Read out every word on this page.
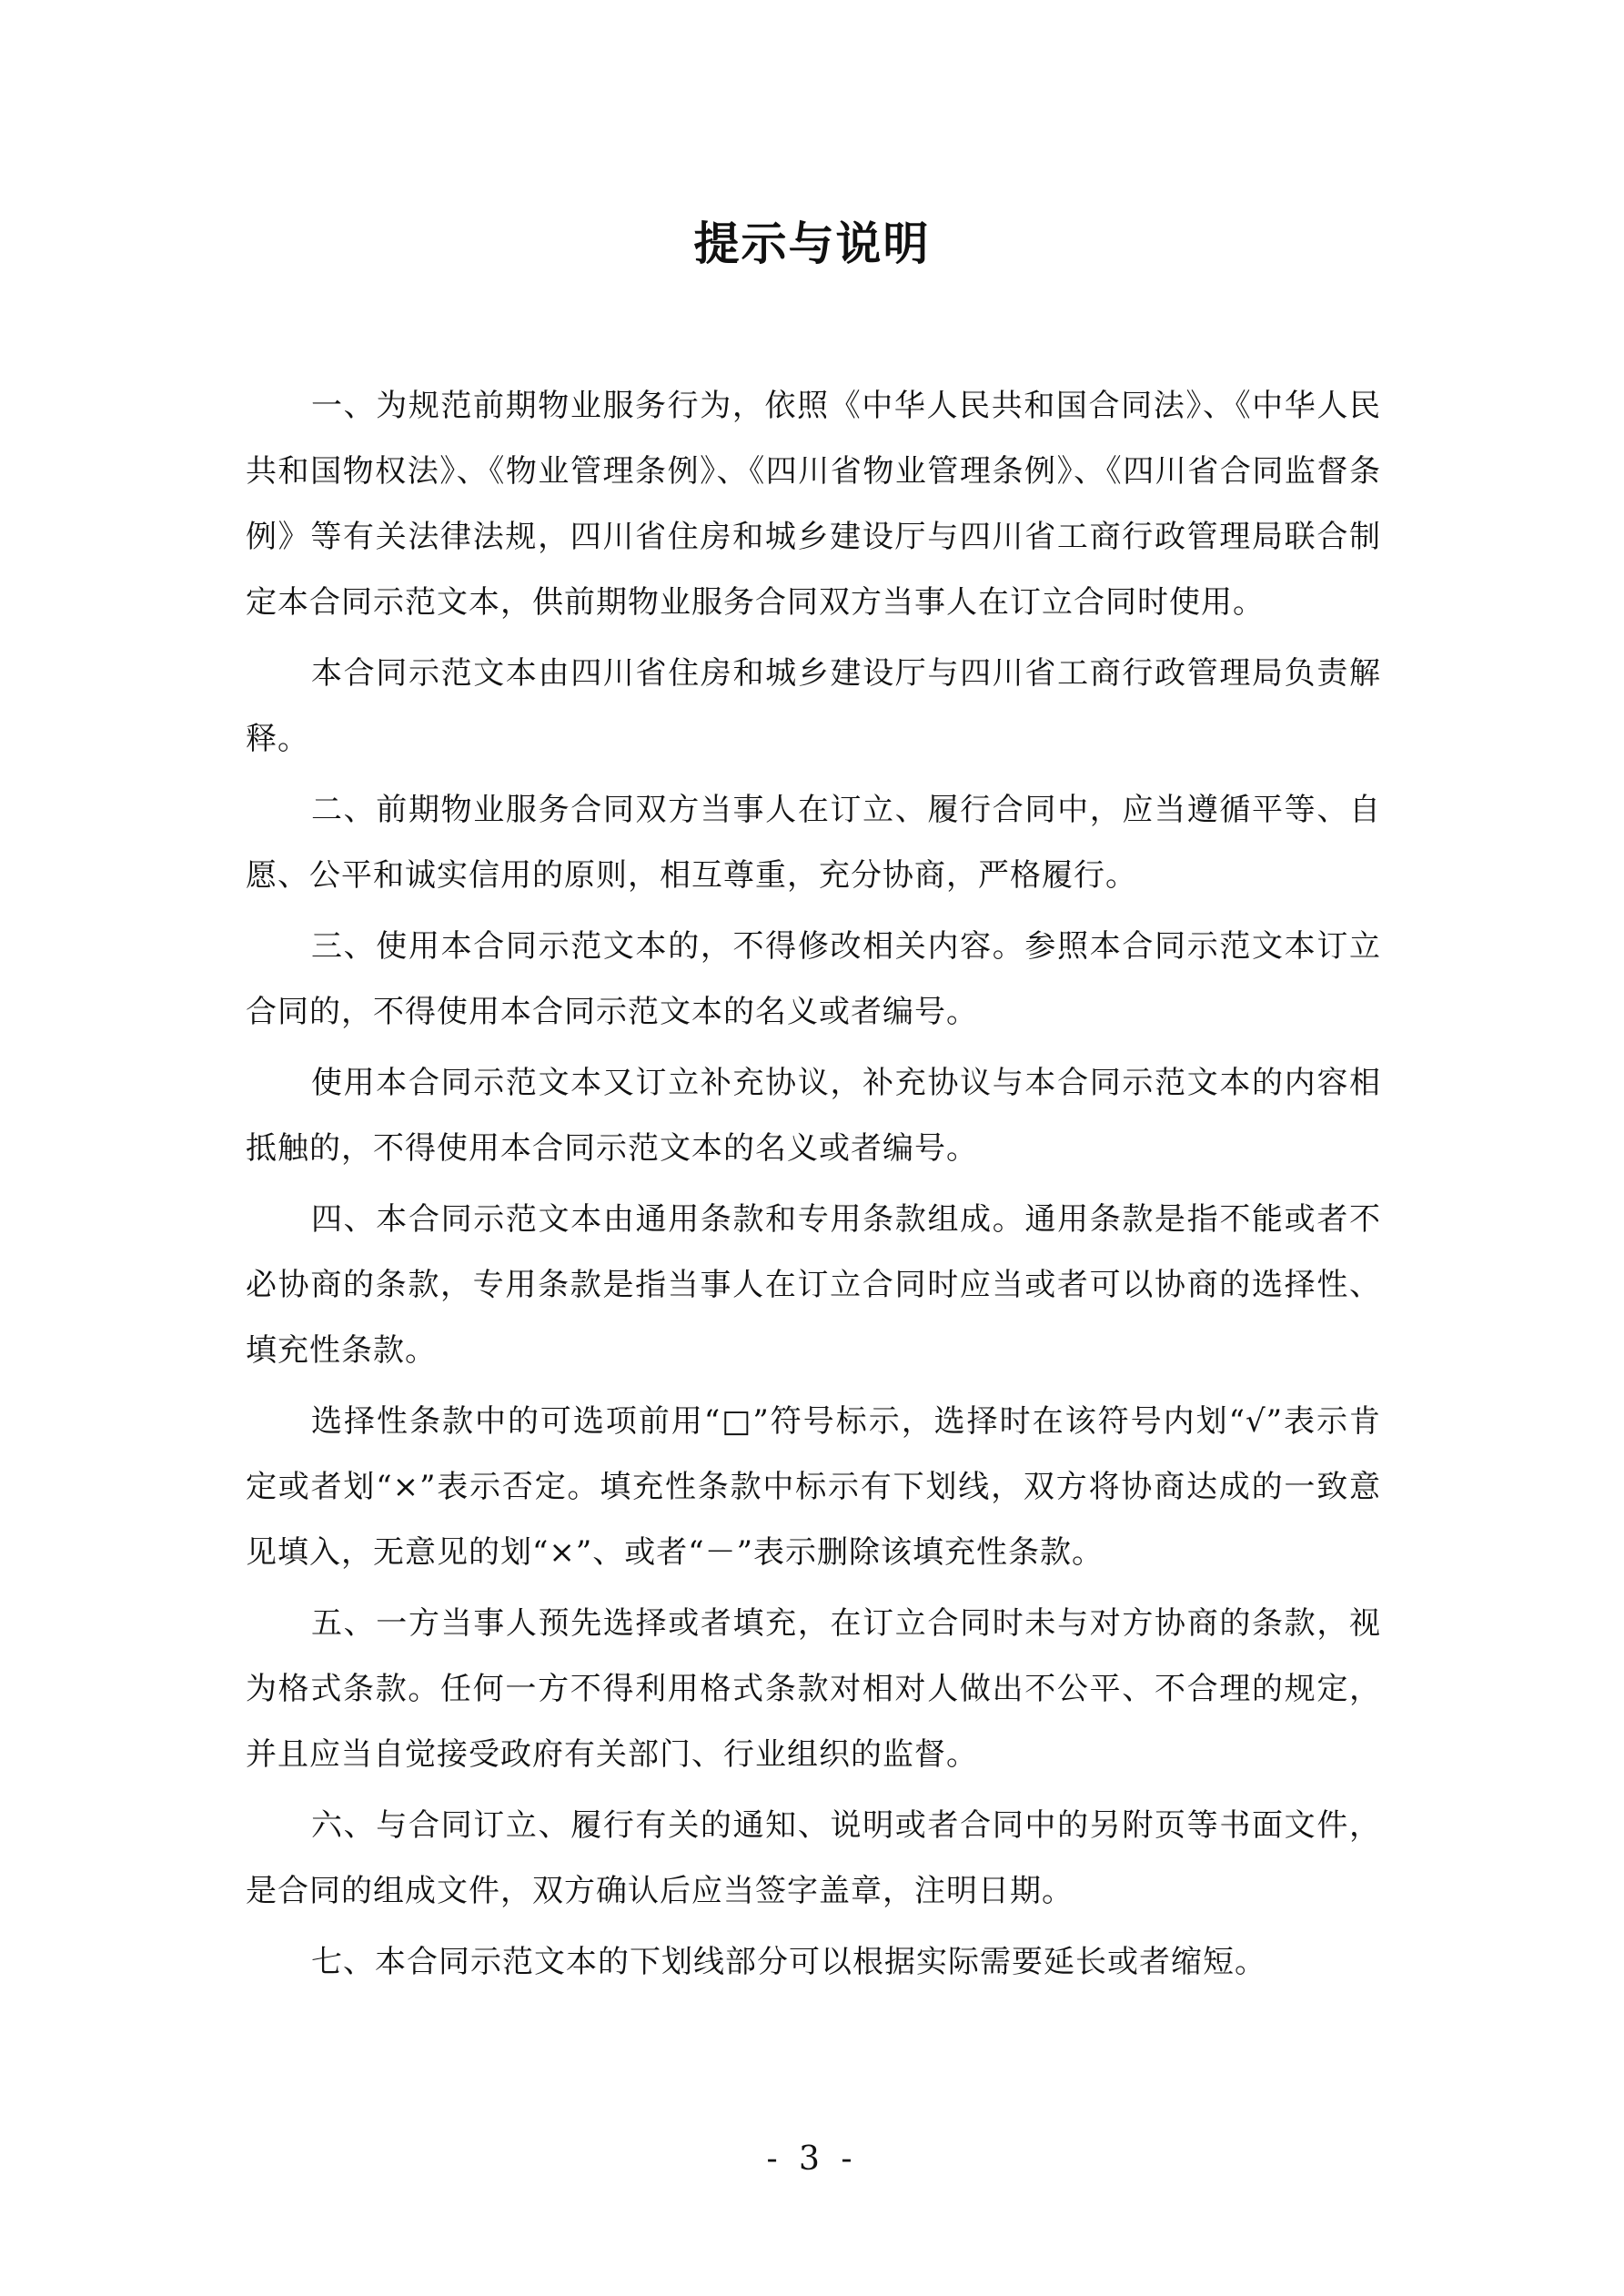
提示与说明

一、为规范前期物业服务行为，依照《中华人民共和国合同法》、《中华人民共和国物权法》、《物业管理条例》、《四川省物业管理条例》、《四川省合同监督条例》等有关法律法规，四川省住房和城乡建设厅与四川省工商行政管理局联合制定本合同示范文本，供前期物业服务合同双方当事人在订立合同时使用。

本合同示范文本由四川省住房和城乡建设厅与四川省工商行政管理局负责解释。

二、前期物业服务合同双方当事人在订立、履行合同中，应当遵循平等、自愿、公平和诚实信用的原则，相互尊重，充分协商，严格履行。

三、使用本合同示范文本的，不得修改相关内容。参照本合同示范文本订立合同的，不得使用本合同示范文本的名义或者编号。

使用本合同示范文本又订立补充协议，补充协议与本合同示范文本的内容相抵触的，不得使用本合同示范文本的名义或者编号。

四、本合同示范文本由通用条款和专用条款组成。通用条款是指不能或者不必协商的条款，专用条款是指当事人在订立合同时应当或者可以协商的选择性、填充性条款。

选择性条款中的可选项前用“□”符号标示，选择时在该符号内划“√”表示肯定或者划“×”表示否定。填充性条款中标示有下划线，双方将协商达成的一致意见填入，无意见的划“×”、或者“－”表示删除该填充性条款。

五、一方当事人预先选择或者填充，在订立合同时未与对方协商的条款，视为格式条款。任何一方不得利用格式条款对相对人做出不公平、不合理的规定，并且应当自觉接受政府有关部门、行业组织的监督。

六、与合同订立、履行有关的通知、说明或者合同中的另附页等书面文件，是合同的组成文件，双方确认后应当签字盖章，注明日期。

七、本合同示范文本的下划线部分可以根据实际需要延长或者缩短。

- 3 -
